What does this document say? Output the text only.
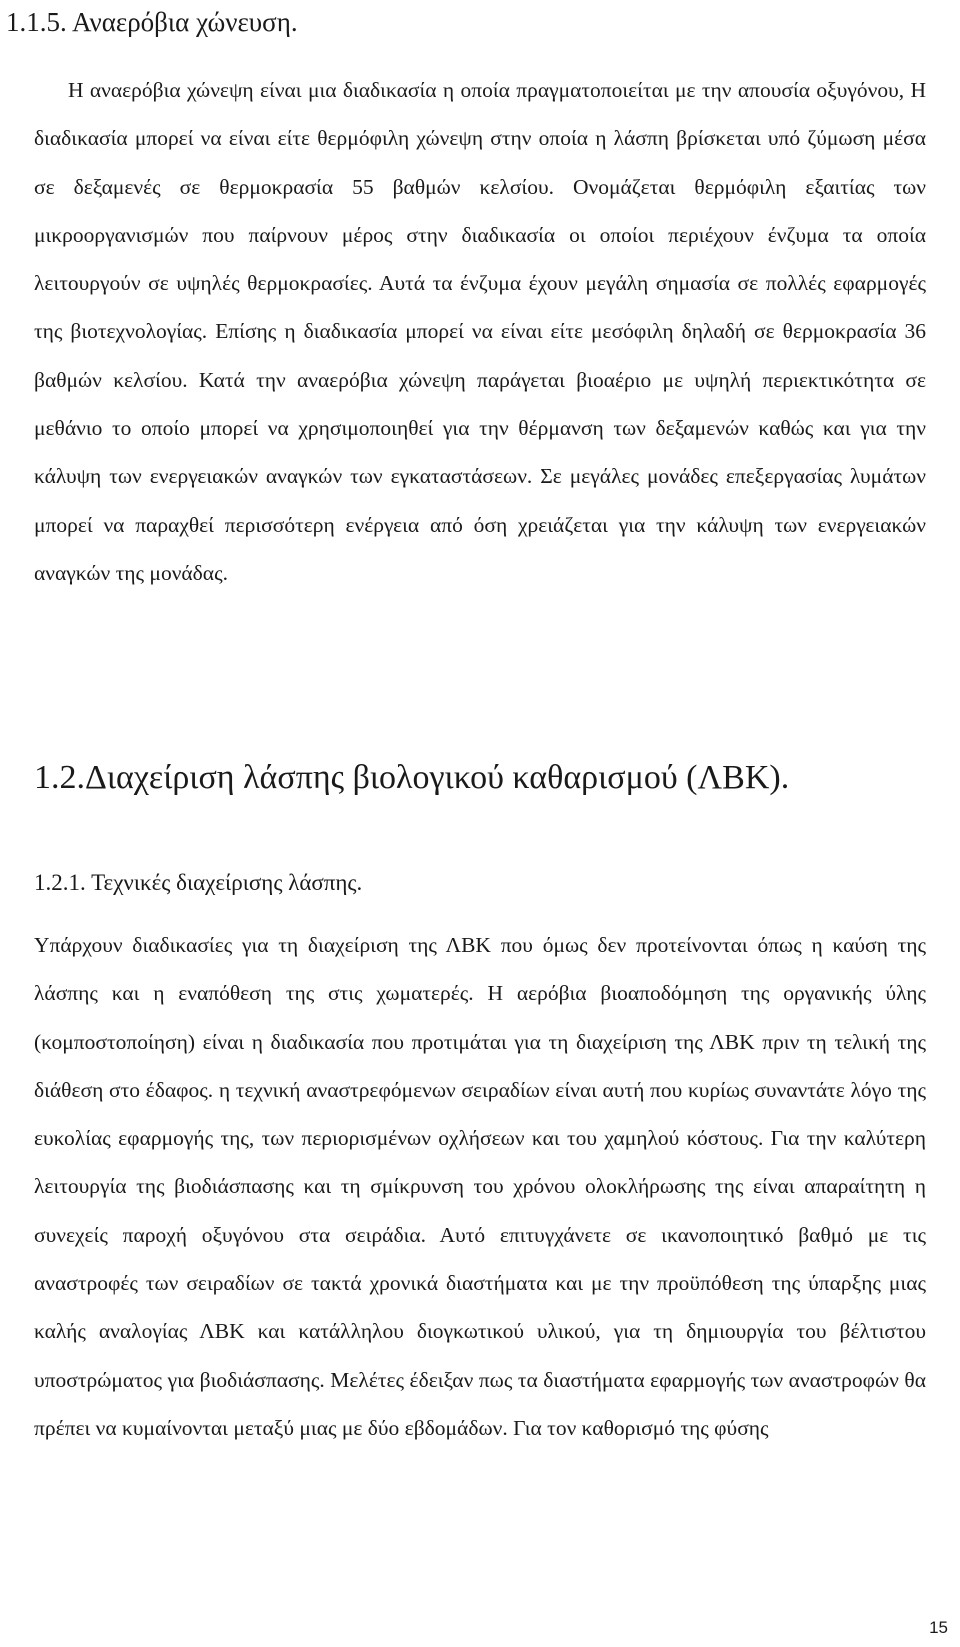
1.1.5. Αναερόβια χώνευση.

Η αναερόβια χώνεψη είναι μια διαδικασία η οποία πραγματοποιείται με την απουσία οξυγόνου, Η διαδικασία μπορεί να είναι είτε θερμόφιλη χώνεψη στην οποία η λάσπη βρίσκεται υπό ζύμωση μέσα σε δεξαμενές σε θερμοκρασία 55 βαθμών κελσίου. Ονομάζεται θερμόφιλη εξαιτίας των μικροοργανισμών που παίρνουν μέρος στην διαδικασία οι οποίοι περιέχουν ένζυμα τα οποία λειτουργούν σε υψηλές θερμοκρασίες. Αυτά τα ένζυμα έχουν μεγάλη σημασία σε πολλές εφαρμογές της βιοτεχνολογίας. Επίσης η διαδικασία μπορεί να είναι είτε μεσόφιλη δηλαδή σε θερμοκρασία 36 βαθμών κελσίου. Κατά την αναερόβια χώνεψη παράγεται βιοαέριο με υψηλή περιεκτικότητα σε μεθάνιο το οποίο μπορεί να χρησιμοποιηθεί για την θέρμανση των δεξαμενών καθώς και για την κάλυψη των ενεργειακών αναγκών των εγκαταστάσεων. Σε μεγάλες μονάδες επεξεργασίας λυμάτων μπορεί να παραχθεί περισσότερη ενέργεια από όση χρειάζεται για την κάλυψη των ενεργειακών αναγκών της μονάδας.

1.2.Διαχείριση λάσπης βιολογικού καθαρισμού (ΛΒΚ).
1.2.1. Τεχνικές διαχείρισης λάσπης.

Υπάρχουν διαδικασίες για τη διαχείριση της ΛΒΚ που όμως δεν προτείνονται όπως η καύση της λάσπης και η εναπόθεση της στις χωματερές. Η αερόβια βιοαποδόμηση της οργανικής ύλης (κομποστοποίηση) είναι η διαδικασία που προτιμάται για τη διαχείριση της ΛΒΚ πριν τη τελική της διάθεση στο έδαφος. η τεχνική αναστρεφόμενων σειραδίων είναι αυτή που κυρίως συναντάτε λόγο της ευκολίας εφαρμογής της, των περιορισμένων οχλήσεων και του χαμηλού κόστους. Για την καλύτερη λειτουργία της βιοδιάσπασης και τη σμίκρυνση του χρόνου ολοκλήρωσης της είναι απαραίτητη η συνεχείς παροχή οξυγόνου στα σειράδια. Αυτό επιτυγχάνετε σε ικανοποιητικό βαθμό με τις αναστροφές των σειραδίων σε τακτά χρονικά διαστήματα και με την προϋπόθεση της ύπαρξης μιας καλής αναλογίας ΛΒΚ και κατάλληλου διογκωτικού υλικού, για τη δημιουργία του βέλτιστου υποστρώματος για βιοδιάσπασης. Μελέτες έδειξαν πως τα διαστήματα εφαρμογής των αναστροφών θα πρέπει να κυμαίνονται μεταξύ μιας με δύο εβδομάδων. Για τον καθορισμό της φύσης

15
